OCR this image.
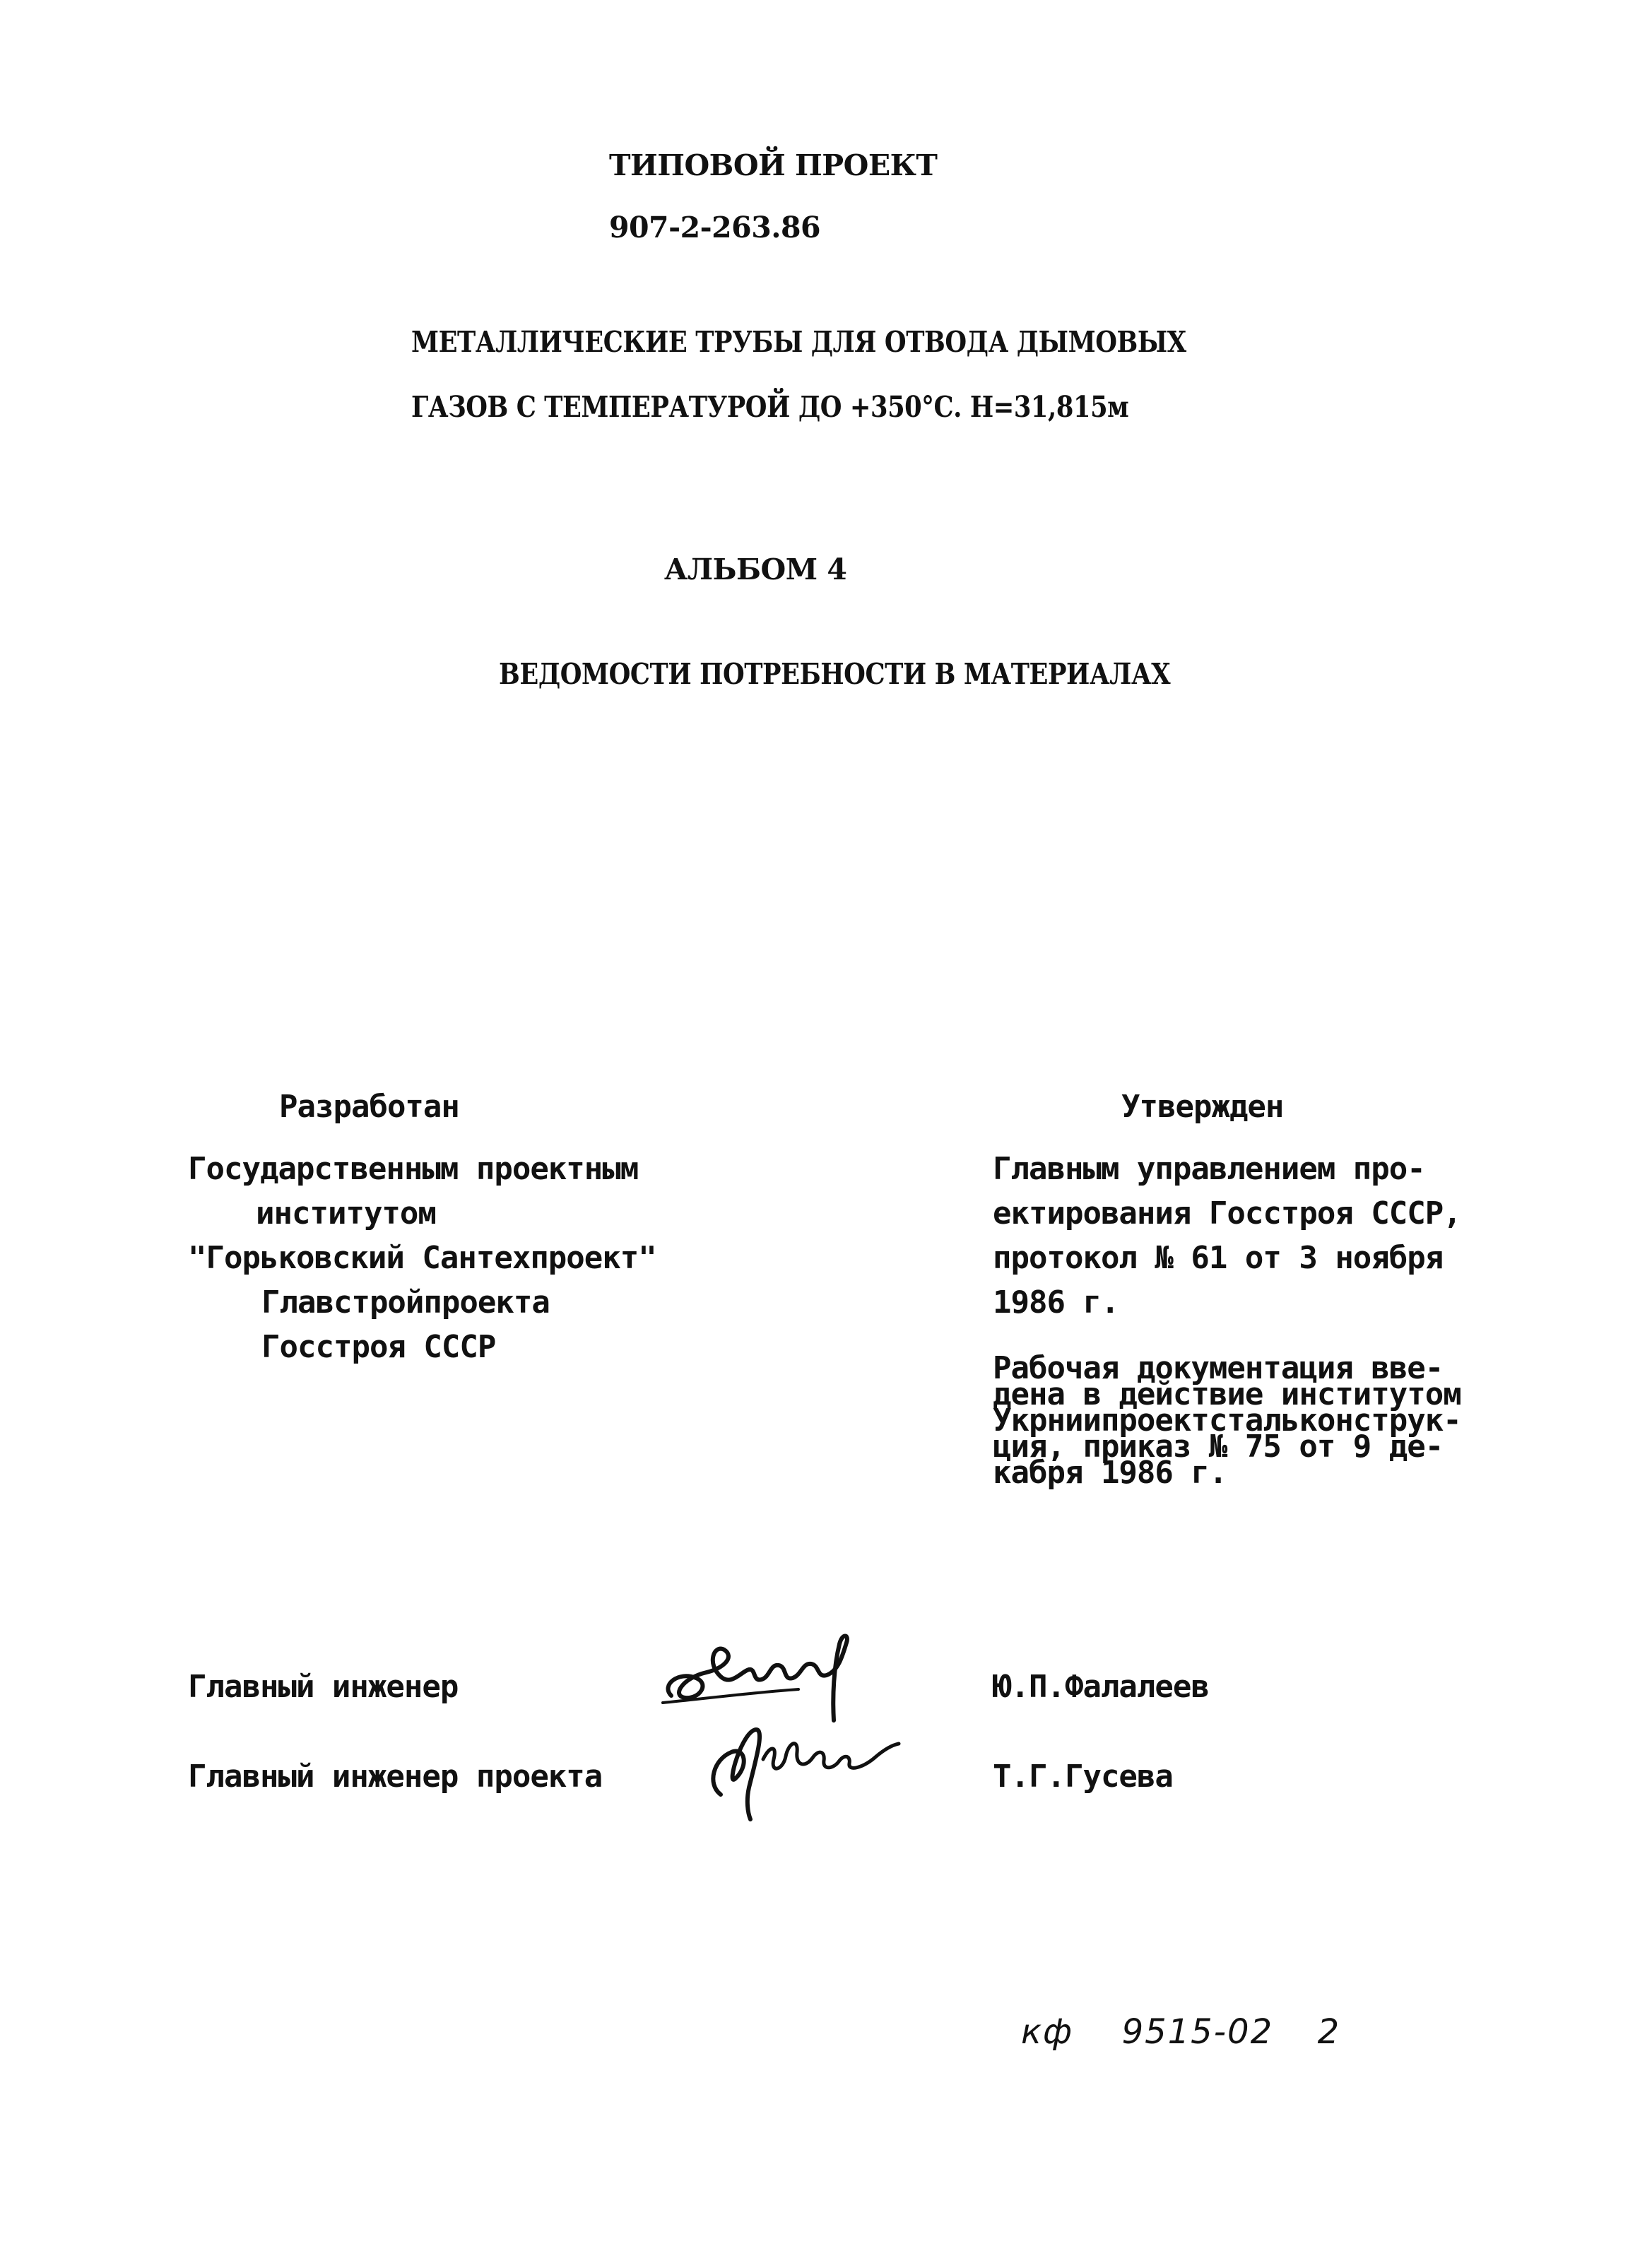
ТИПОВОЙ ПРОЕКТ
907-2-263.86
МЕТАЛЛИЧЕСКИЕ ТРУБЫ ДЛЯ ОТВОДА ДЫМОВЫХ
ГАЗОВ С ТЕМПЕРАТУРОЙ ДО +350°С. Н=31,815м
АЛЬБОМ 4
ВЕДОМОСТИ ПОТРЕБНОСТИ В МАТЕРИАЛАХ
Разработан
Государственным проектным
институтом
"Горьковский Сантехпроект"
Главстройпроекта
Госстроя СССР
Утвержден
Главным управлением про-
ектирования Госстроя СССР,
протокол № 61 от 3 ноября
1986 г.
Рабочая документация вве-
дена в действие институтом
Укрниипроектстальконструк-
ция, приказ № 75 от 9 де-
кабря 1986 г.
Главный инженер	Ю.П.Фалалеев
Главный инженер проекта	Т.Г.Гусева
кф 9515-02 2
